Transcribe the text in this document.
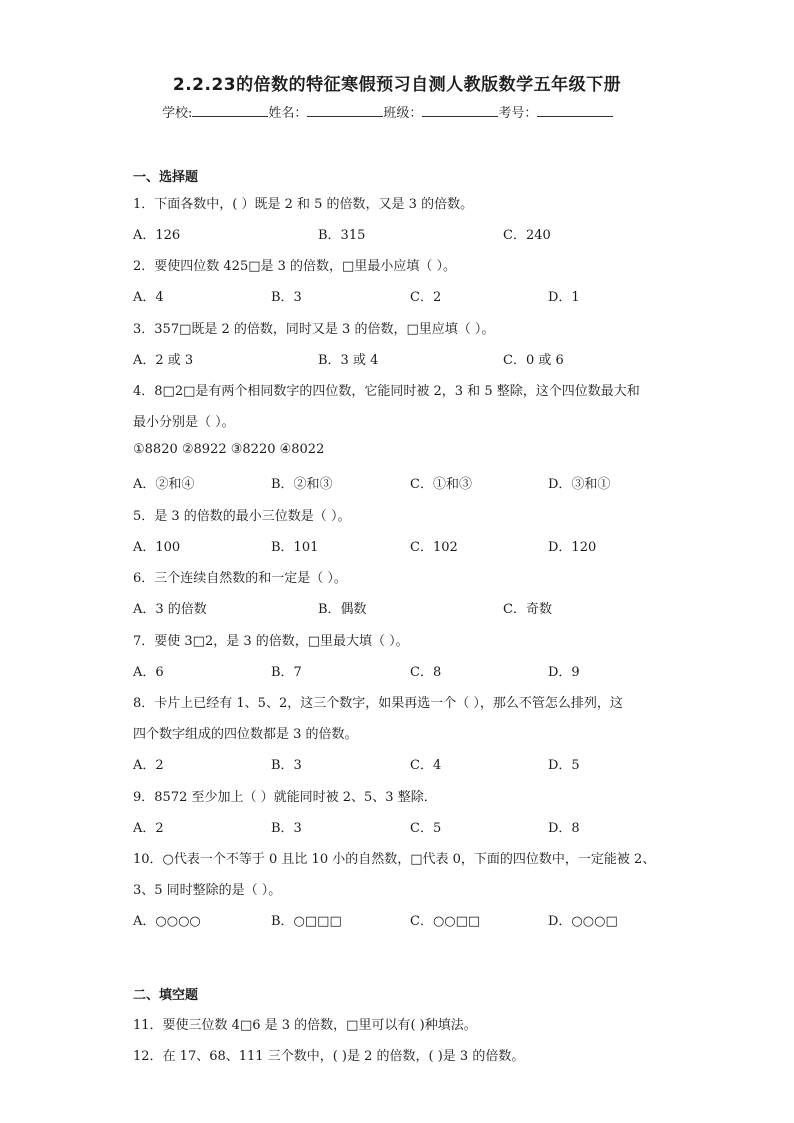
2.2.23的倍数的特征寒假预习自测人教版数学五年级下册
学校:	姓名：	班级：	考号：
一、选择题
1．下面各数中，( ）既是 2 和 5 的倍数，又是 3 的倍数。
A．126	B．315	C．240
2．要使四位数 425□是 3 的倍数，□里最小应填（ ）。
A．4	B．3	C．2	D．1
3．357□既是 2 的倍数，同时又是 3 的倍数，□里应填（ ）。
A．2 或 3	B．3 或 4	C．0 或 6
4．8□2□是有两个相同数字的四位数，它能同时被 2，3 和 5 整除，这个四位数最大和
最小分别是（ ）。
①8820 ②8922 ③8220 ④8022
A．②和④	B．②和③	C．①和③	D．③和①
5．是 3 的倍数的最小三位数是（ ）。
A．100	B．101	C．102	D．120
6．三个连续自然数的和一定是（ ）。
A．3 的倍数	B．偶数	C．奇数
7．要使 3□2，是 3 的倍数，□里最大填（ ）。
A．6	B．7	C．8	D．9
8．卡片上已经有 1、5、2，这三个数字，如果再选一个（ ），那么不管怎么排列，这
四个数字组成的四位数都是 3 的倍数。
A．2	B．3	C．4	D．5
9．8572 至少加上（ ）就能同时被 2、5、3 整除．
A．2	B．3	C．5	D．8
10．○代表一个不等于 0 且比 10 小的自然数，□代表 0，下面的四位数中，一定能被 2、
3、5 同时整除的是（ ）。
A．○○○○	B．○□□□	C．○○□□	D．○○○□
二、填空题
11．要使三位数 4□6 是 3 的倍数，□里可以有( )种填法。
12．在 17、68、111 三个数中，( )是 2 的倍数，( )是 3 的倍数。
